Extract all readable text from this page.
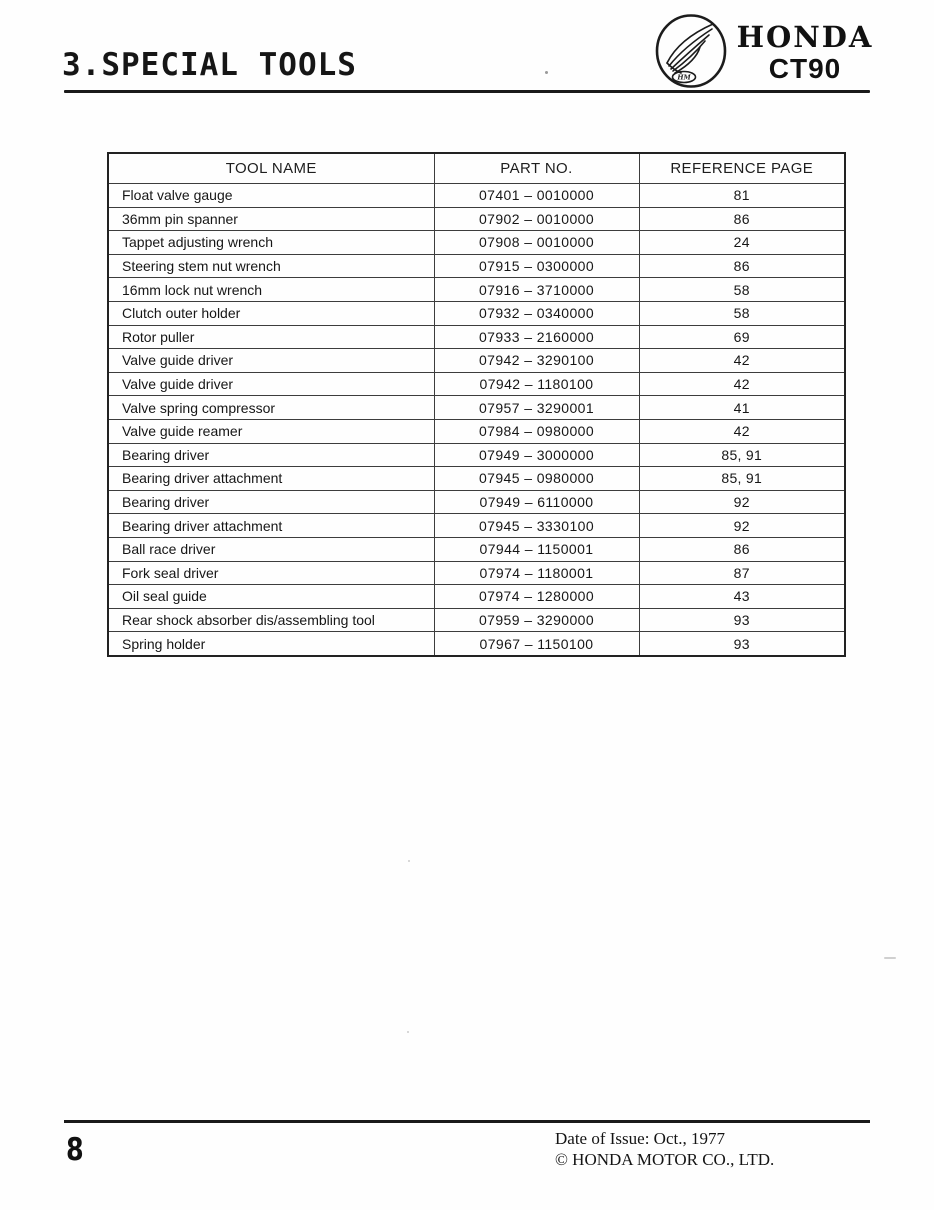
3.SPECIAL TOOLS	HM
HONDA
CT90
TOOL NAME	PART NO.	REFERENCE PAGE
Float valve gauge	07401 – 0010000	81
36mm pin spanner	07902 – 0010000	86
Tappet adjusting wrench	07908 – 0010000	24
Steering stem nut wrench	07915 – 0300000	86
16mm lock nut wrench	07916 – 3710000	58
Clutch outer holder	07932 – 0340000	58
Rotor puller	07933 – 2160000	69
Valve guide driver	07942 – 3290100	42
Valve guide driver	07942 – 1180100	42
Valve spring compressor	07957 – 3290001	41
Valve guide reamer	07984 – 0980000	42
Bearing driver	07949 – 3000000	85, 91
Bearing driver attachment	07945 – 0980000	85, 91
Bearing driver	07949 – 6110000	92
Bearing driver attachment	07945 – 3330100	92
Ball race driver	07944 – 1150001	86
Fork seal driver	07974 – 1180001	87
Oil seal guide	07974 – 1280000	43
Rear shock absorber dis/assembling tool	07959 – 3290000	93
Spring holder	07967 – 1150100	93
8	Date of Issue: Oct., 1977
© HONDA MOTOR CO., LTD.
